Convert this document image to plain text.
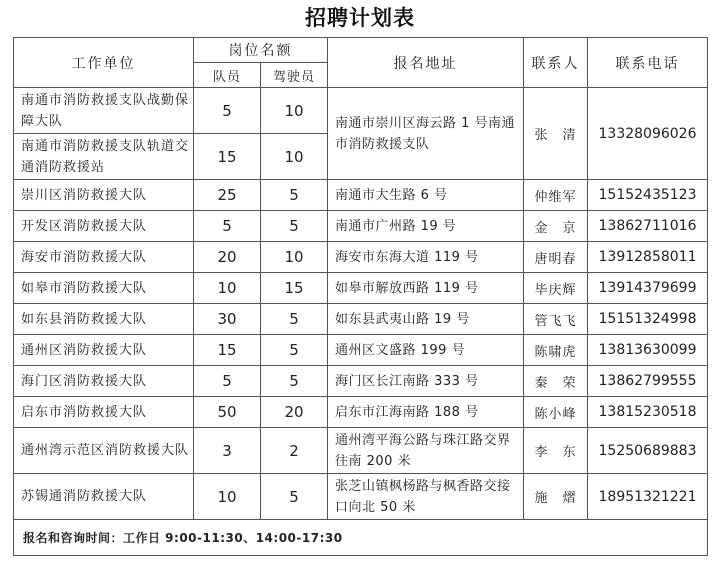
招聘计划表
工作单位	岗位名额		报名地址	联系人	联系电话
	队员	驾驶员			
南通市消防救援支队战勤保障大队	5	10	南通市崇川区海云路 1 号南通市消防救援支队	张　清	13328096026
南通市消防救援支队轨道交通消防救援站	15	10			
崇川区消防救援大队	25	5	南通市大生路 6 号	仲维军	15152435123
开发区消防救援大队	5	5	南通市广州路 19 号	金　京	13862711016
海安市消防救援大队	20	10	海安市东海大道 119 号	唐明春	13912858011
如皋市消防救援大队	10	15	如皋市解放西路 119 号	毕庆辉	13914379699
如东县消防救援大队	30	5	如东县武夷山路 19 号	管飞飞	15151324998
通州区消防救援大队	15	5	通州区文盛路 199 号	陈啸虎	13813630099
海门区消防救援大队	5	5	海门区长江南路 333 号	秦　荣	13862799555
启东市消防救援大队	50	20	启东市江海南路 188 号	陈小峰	13815230518
通州湾示范区消防救援大队	3	2	通州湾平海公路与珠江路交界往南 200 米	李　东	15250689883
苏锡通消防救援大队	10	5	张芝山镇枫杨路与枫香路交接口向北 50 米	施　熠	18951321221
报名和咨询时间：工作日 9:00-11:30、14:00-17:30					
